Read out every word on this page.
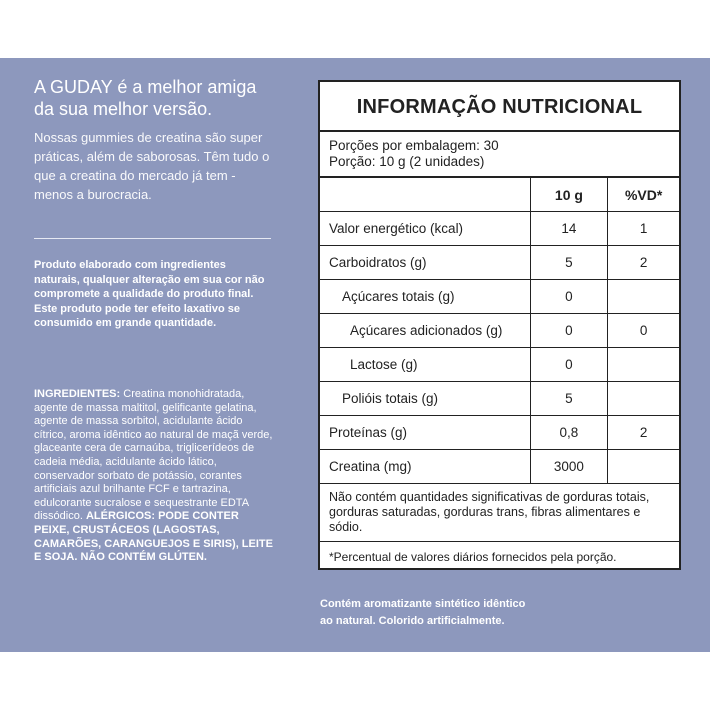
A GUDAY é a melhor amiga
da sua melhor versão.

Nossas gummies de creatina são super práticas, além de saborosas. Têm tudo o que a creatina do mercado já tem - menos a burocracia.

Produto elaborado com ingredientes naturais, qualquer alteração em sua cor não compromete a qualidade do produto final.

Este produto pode ter efeito laxativo se consumido em grande quantidade.

INGREDIENTES: Creatina monohidratada, agente de massa maltitol, gelificante gelatina, agente de massa sorbitol, acidulante ácido cítrico, aroma idêntico ao natural de maçã verde, glaceante cera de carnaúba, triglicerídeos de cadeia média, acidulante ácido lático, conservador sorbato de potássio, corantes artificiais azul brilhante FCF e tartrazina, edulcorante sucralose e sequestrante EDTA dissódico. ALÉRGICOS: PODE CONTER PEIXE, CRUSTÁCEOS (LAGOSTAS, CAMARÕES, CARANGUEJOS E SIRIS), LEITE E SOJA. NÃO CONTÉM GLÚTEN.
Contém aromatizante sintético idêntico
ao natural. Colorido artificialmente.
INFORMAÇÃO NUTRICIONAL
Porções por embalagem: 30
Porção: 10 g (2 unidades)
	10 g	%VD*
Valor energético (kcal)	14	1
Carboidratos (g)	5	2
Açúcares totais (g)	0	
Açúcares adicionados (g)	0	0
Lactose (g)	0	
Polióis totais (g)	5	
Proteínas (g)	0,8	2
Creatina (mg)	3000	
Não contém quantidades significativas de gorduras totais, gorduras saturadas, gorduras trans, fibras alimentares e sódio.
*Percentual de valores diários fornecidos pela porção.
